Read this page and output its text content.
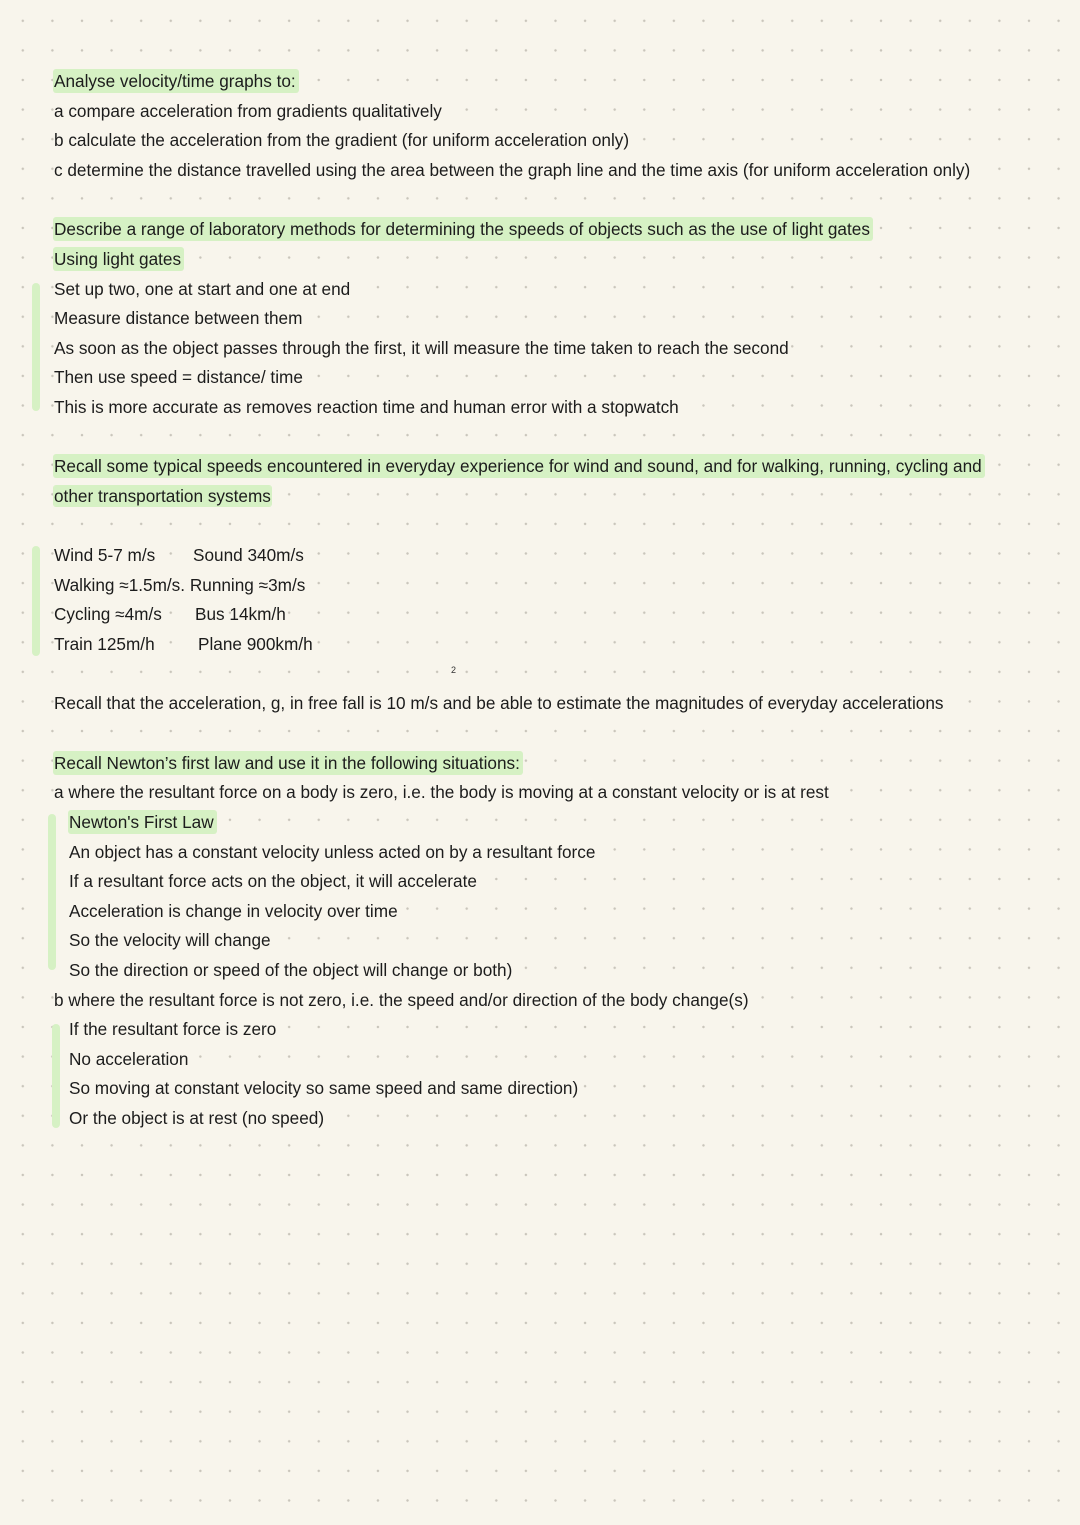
Analyse velocity/time graphs to:
a compare acceleration from gradients qualitatively
b calculate the acceleration from the gradient (for uniform acceleration only)
c determine the distance travelled using the area between the graph line and the time axis (for uniform acceleration only)
Describe a range of laboratory methods for determining the speeds of objects such as the use of light gates
Using light gates
Set up two, one at start and one at end
Measure distance between them
As soon as the object passes through the first, it will measure the time taken to reach the second
Then use speed = distance/ time
This is more accurate as removes reaction time and human error with a stopwatch
Recall some typical speeds encountered in everyday experience for wind and sound, and for walking, running, cycling and
other transportation systems
Wind 5-7 m/s Sound 340m/s
Walking ≈1.5m/s. Running ≈3m/s
Cycling ≈4m/s Bus 14km/h
Train 125m/h	Plane 900km/h
2
Recall that the acceleration, g, in free fall is 10 m/s and be able to estimate the magnitudes of everyday accelerations
Recall Newton’s first law and use it in the following situations:
a where the resultant force on a body is zero, i.e. the body is moving at a constant velocity or is at rest
Newton's First Law
An object has a constant velocity unless acted on by a resultant force
If a resultant force acts on the object, it will accelerate
Acceleration is change in velocity over time
So the velocity will change
So the direction or speed of the object will change or both)
b where the resultant force is not zero, i.e. the speed and/or direction of the body change(s)
If the resultant force is zero
No acceleration
So moving at constant velocity so same speed and same direction)
Or the object is at rest (no speed)
